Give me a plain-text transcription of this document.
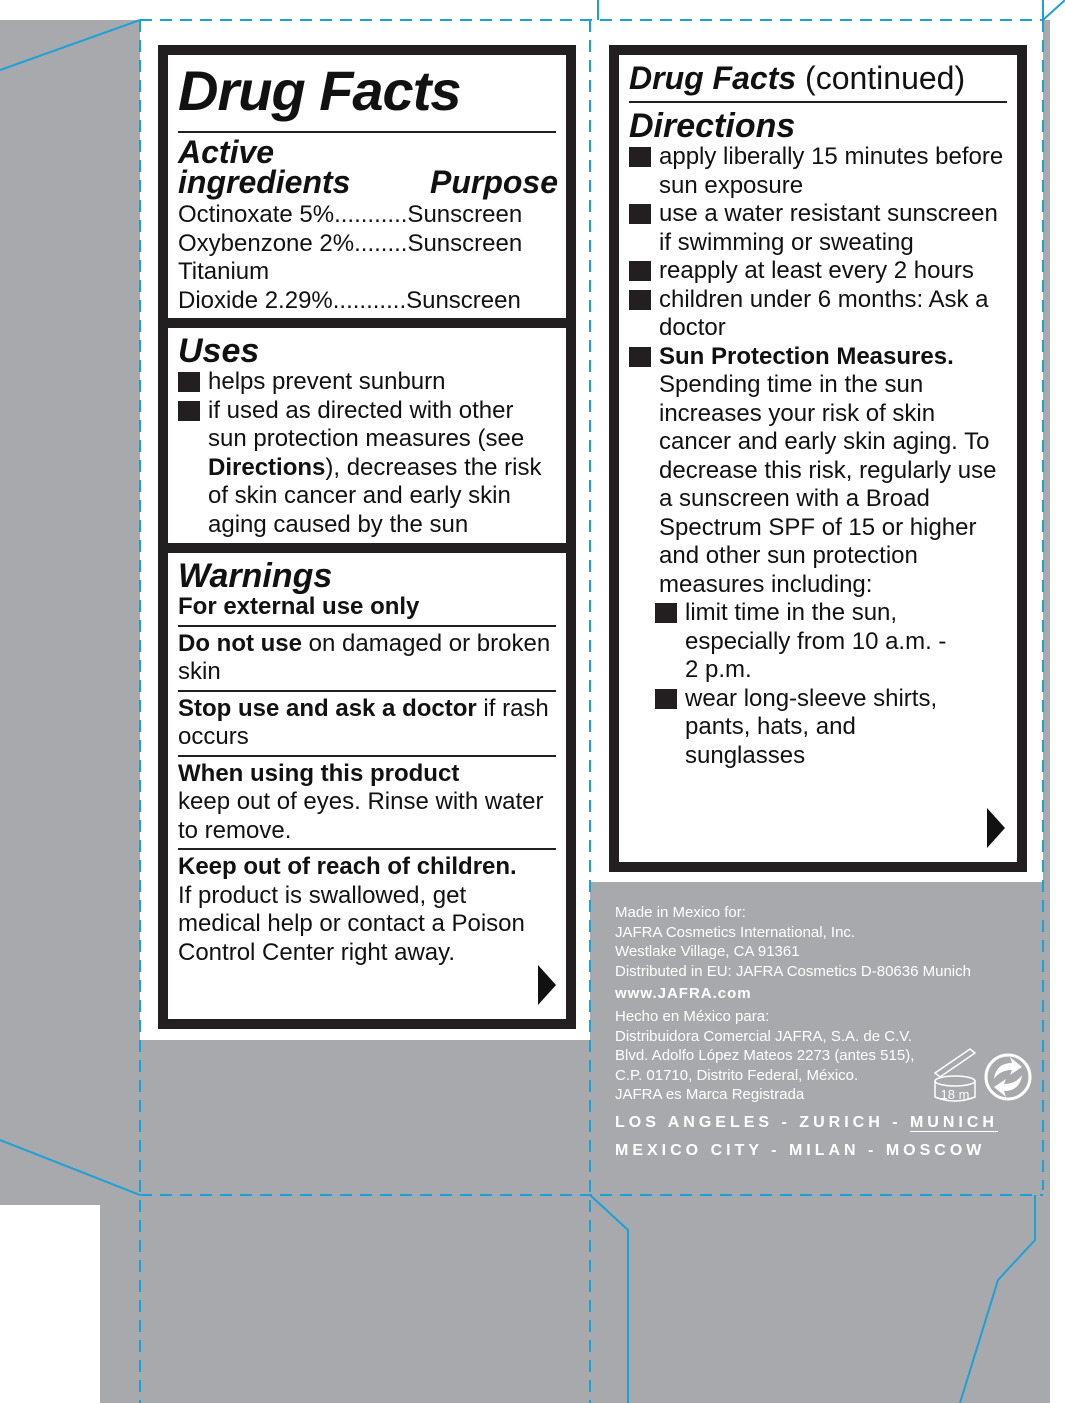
Drug Facts
Active
ingredients	Purpose
Octinoxate 5%...........Sunscreen
Oxybenzone 2%........Sunscreen
Titanium
Dioxide 2.29%...........Sunscreen
Uses
helps prevent sunburn
if used as directed with other sun protection measures (see Directions), decreases the risk of skin cancer and early skin aging caused by the sun
Warnings
For external use only
Do not use on damaged or broken skin
Stop use and ask a doctor if rash occurs
When using this product
keep out of eyes. Rinse with water to remove.
Keep out of reach of children. If product is swallowed, get medical help or contact a Poison Control Center right away.
Drug Facts (continued)
Directions
apply liberally 15 minutes before sun exposure
use a water resistant sunscreen if swimming or sweating
reapply at least every 2 hours
children under 6 months: Ask a doctor
Sun Protection Measures. Spending time in the sun increases your risk of skin cancer and early skin aging. To decrease this risk, regularly use a sunscreen with a Broad Spectrum SPF of 15 or higher and other sun protection measures including:
limit time in the sun, especially from 10 a.m. - 2 p.m.
wear long-sleeve shirts, pants, hats, and sunglasses
Made in Mexico for:
JAFRA Cosmetics International, Inc.
Westlake Village, CA 91361
Distributed in EU: JAFRA Cosmetics D-80636 Munich
www.JAFRA.com
Hecho en México para:
Distribuidora Comercial JAFRA, S.A. de C.V.
Blvd. Adolfo López Mateos 2273 (antes 515),
C.P. 01710, Distrito Federal, México.
JAFRA es Marca Registrada
LOS ANGELES - ZURICH - MUNICH
MEXICO CITY - MILAN - MOSCOW
18 m
